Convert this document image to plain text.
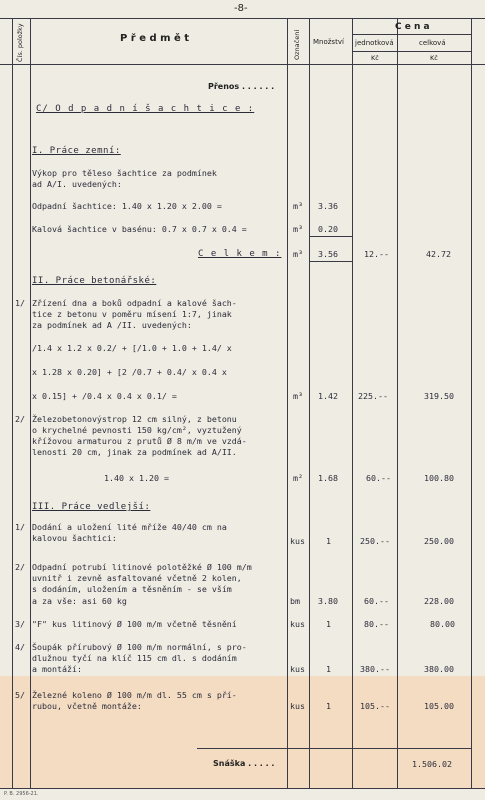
-8-
Čís. položky	P ř e d m ě t	Označení Množství
C e n a
jednotková	celková
Kč	Kč
Přenos . . . . . .
C/ O d p a d n í š a c h t i c e :
I. Práce zemní:
Výkop pro těleso šachtice za podmínek
ad A/I. uvedených:
Odpadní šachtice: 1.40 x 1.20 x 2.00 =	m³ 3.36
Kalová šachtice v basénu: 0.7 x 0.7 x 0.4 =	m³ 0.20
C e l k e m : m³ 3.56	12.--	42.72
II. Práce betonářské:
1/ Zřízení dna a boků odpadní a kalové šach-
tice z betonu v poměru mísení 1:7, jinak
za podmínek ad A /II. uvedených:
/1.4 x 1.2 x 0.2/ + [/1.0 + 1.0 + 1.4/ x
x 1.28 x 0.20] + [2 /0.7 + 0.4/ x 0.4 x
x 0.15] + /0.4 x 0.4 x 0.1/ =	m³ 1.42 225.--	319.50
2/ Železobetonovýstrop 12 cm silný, z betonu
o krychelné pevnosti 150 kg/cm², vyztužený
křížovou armaturou z prutů Ø 8 m/m ve vzdá-
lenosti 20 cm, jinak za podmínek ad A/II.
1.40 x 1.20 =	m² 1.68	60.--	100.80
III. Práce vedlejší:
1/ Dodání a uložení lité mříže 40/40 cm na
kalovou šachtici:	kus	1	250.--	250.00
2/ Odpadní potrubí litinové polotěžké Ø 100 m/m
uvnitř i zevně asfaltované včetně 2 kolen,
s dodáním, uložením a těsněním - se vším
a za vše: asi 60 kg	bm 3.80	60.--	228.00
3/ "F" kus litinový Ø 100 m/m včetně těsnění	kus	1	80.--	80.00
4/ Šoupák přírubový Ø 100 m/m normální, s pro-
dlužnou tyčí na klíč 115 cm dl. s dodáním
a montáží:	kus	1	380.--	380.00
5/ Železné koleno Ø 100 m/m dl. 55 cm s pří-
rubou, včetně montáže:	kus	1	105.--	105.00
Snáška . . . . .	1.506.02
P. B. 2956-21.
